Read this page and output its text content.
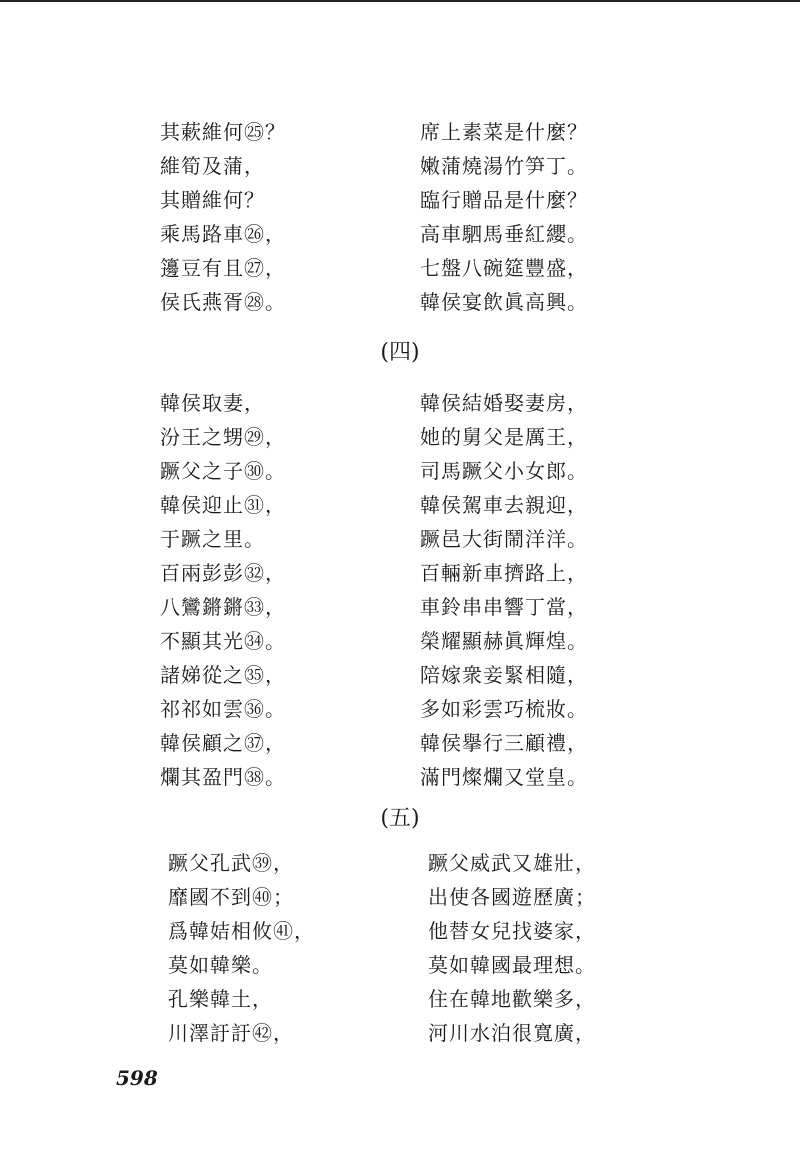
其蔌維何㉕？	席上素菜是什麼？
維筍及蒲，	嫩蒲燒湯竹笋丁。
其贈維何？	臨行贈品是什麼？
乘馬路車㉖，	高車駟馬垂紅纓。
籩豆有且㉗，	七盤八碗筵豐盛，
侯氏燕胥㉘。	韓侯宴飲眞高興。
(四)
韓侯取妻，	韓侯結婚娶妻房，
汾王之甥㉙，	她的舅父是厲王，
蹶父之子㉚。	司馬蹶父小女郎。
韓侯迎止㉛，	韓侯駕車去親迎，
于蹶之里。	蹶邑大街鬧洋洋。
百兩彭彭㉜，	百輛新車擠路上，
八鸞鏘鏘㉝，	車鈴串串響丁當，
不顯其光㉞。	榮耀顯赫眞輝煌。
諸娣從之㉟，	陪嫁衆妾緊相隨，
祁祁如雲㊱。	多如彩雲巧梳妝。
韓侯顧之㊲，	韓侯擧行三顧禮，
爛其盈門㊳。	滿門燦爛又堂皇。
(五)
蹶父孔武㊴，	蹶父威武又雄壯，
靡國不到㊵；	出使各國遊歷廣；
爲韓姞相攸㊶，	他替女兒找婆家，
莫如韓樂。	莫如韓國最理想。
孔樂韓土，	住在韓地歡樂多，
川澤訏訏㊷，	河川水泊很寬廣，
598
